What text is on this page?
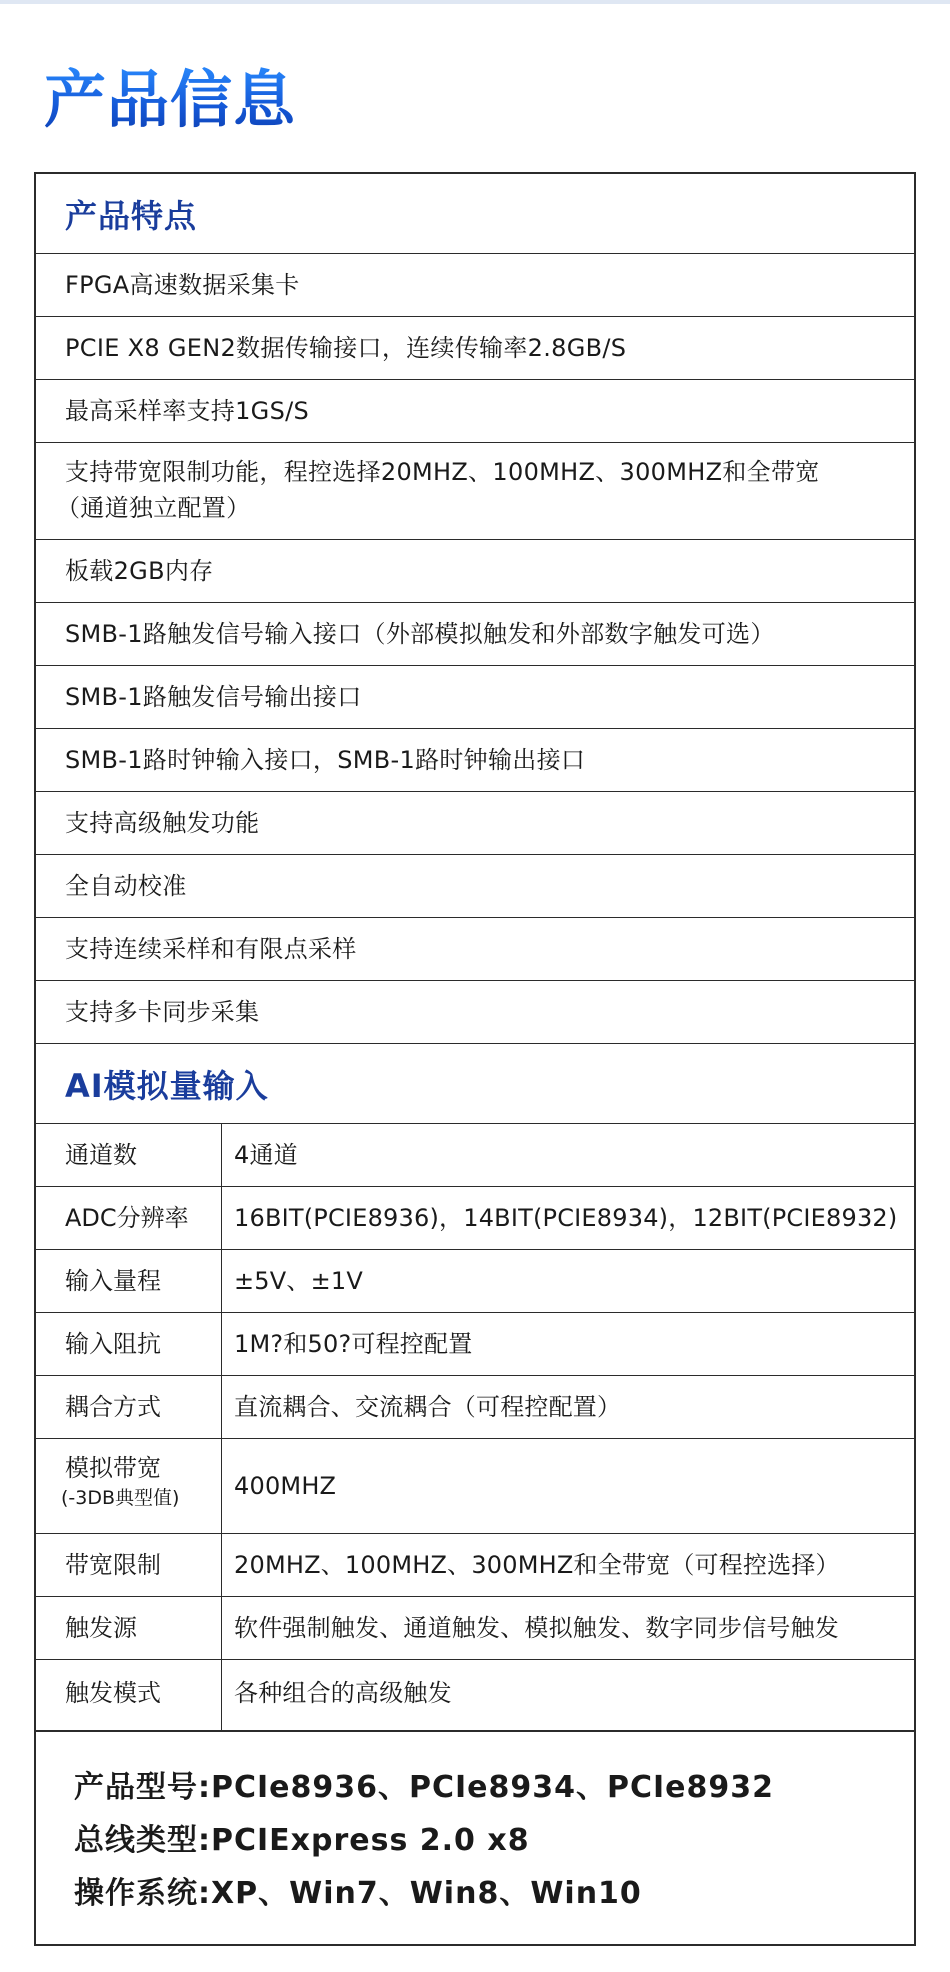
产品信息
产品特点
FPGA高速数据采集卡
PCIE X8 GEN2数据传输接口，连续传输率2.8GB/S
最高采样率支持1GS/S
支持带宽限制功能，程控选择20MHZ、100MHZ、300MHZ和全带宽
（通道独立配置）
板载2GB内存
SMB-1路触发信号输入接口（外部模拟触发和外部数字触发可选）
SMB-1路触发信号输出接口
SMB-1路时钟输入接口，SMB-1路时钟输出接口
支持高级触发功能
全自动校准
支持连续采样和有限点采样
支持多卡同步采集
AI模拟量输入
通道数	4通道
ADC分辨率 16BIT(PCIE8936)，14BIT(PCIE8934)，12BIT(PCIE8932)
输入量程	±5V、±1V
输入阻抗	1M?和50?可程控配置
耦合方式	直流耦合、交流耦合（可程控配置）
模拟带宽
(-3DB典型值) 400MHZ
带宽限制	20MHZ、100MHZ、300MHZ和全带宽（可程控选择）
触发源	软件强制触发、通道触发、模拟触发、数字同步信号触发
触发模式	各种组合的高级触发
产品型号:PCIe8936、PCIe8934、PCIe8932
总线类型:PCIExpress 2.0 x8
操作系统:XP、Win7、Win8、Win10
